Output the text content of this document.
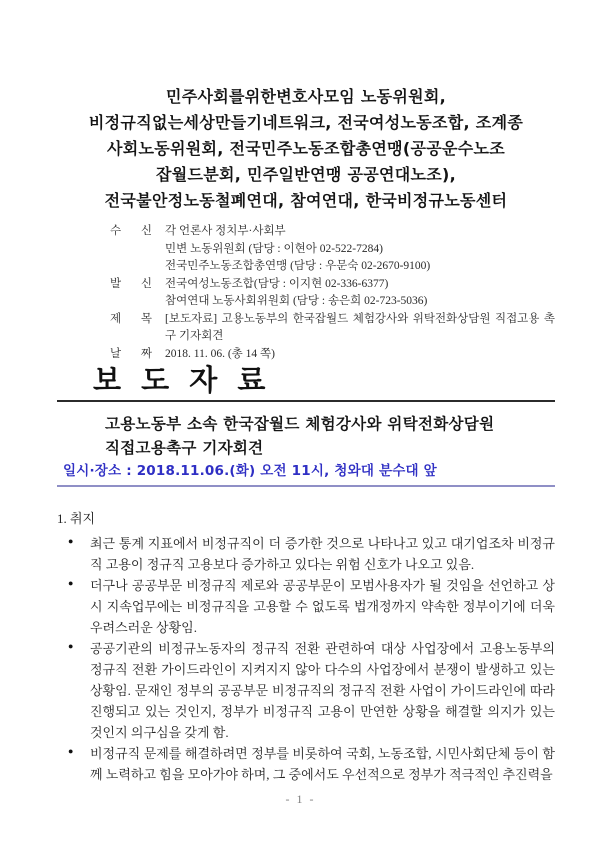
민주사회를위한변호사모임 노동위원회,
비정규직없는세상만들기네트워크, 전국여성노동조합, 조계종
사회노동위원회, 전국민주노동조합총연맹(공공운수노조
잡월드분회, 민주일반연맹 공공연대노조),
전국불안정노동철폐연대, 참여연대, 한국비정규노동센터
수 신 각 언론사 정치부·사회부
민변 노동위원회 (담당 : 이현아 02-522-7284)
전국민주노동조합총연맹 (담당 : 우문숙 02-2670-9100)
발 신 전국여성노동조합(담당 : 이지현 02-336-6377)
참여연대 노동사회위원회 (담당 : 송은희 02-723-5036)
제 목 [보도자료] 고용노동부의 한국잡월드 체험강사와 위탁전화상담원 직접고용 촉구 기자회견
날 짜 2018. 11. 06. (총 14 쪽)
보 도 자 료
고용노동부 소속 한국잡월드 체험강사와 위탁전화상담원
직접고용촉구 기자회견
일시·장소 : 2018.11.06.(화) 오전 11시, 청와대 분수대 앞
1. 취지
● 최근 통계 지표에서 비정규직이 더 증가한 것으로 나타나고 있고 대기업조차 비정규직 고용이 정규직 고용보다 증가하고 있다는 위험 신호가 나오고 있음.
● 더구나 공공부문 비정규직 제로와 공공부문이 모범사용자가 될 것임을 선언하고 상시 지속업무에는 비정규직을 고용할 수 없도록 법개정까지 약속한 정부이기에 더욱 우려스러운 상황임.
● 공공기관의 비정규노동자의 정규직 전환 관련하여 대상 사업장에서 고용노동부의 정규직 전환 가이드라인이 지켜지지 않아 다수의 사업장에서 분쟁이 발생하고 있는 상황임. 문재인 정부의 공공부문 비정규직의 정규직 전환 사업이 가이드라인에 따라 진행되고 있는 것인지, 정부가 비정규직 고용이 만연한 상황을 해결할 의지가 있는 것인지 의구심을 갖게 함.
● 비정규직 문제를 해결하려면 정부를 비롯하여 국회, 노동조합, 시민사회단체 등이 함께 노력하고 힘을 모아가야 하며, 그 중에서도 우선적으로 정부가 적극적인 추진력을
- 1 -
